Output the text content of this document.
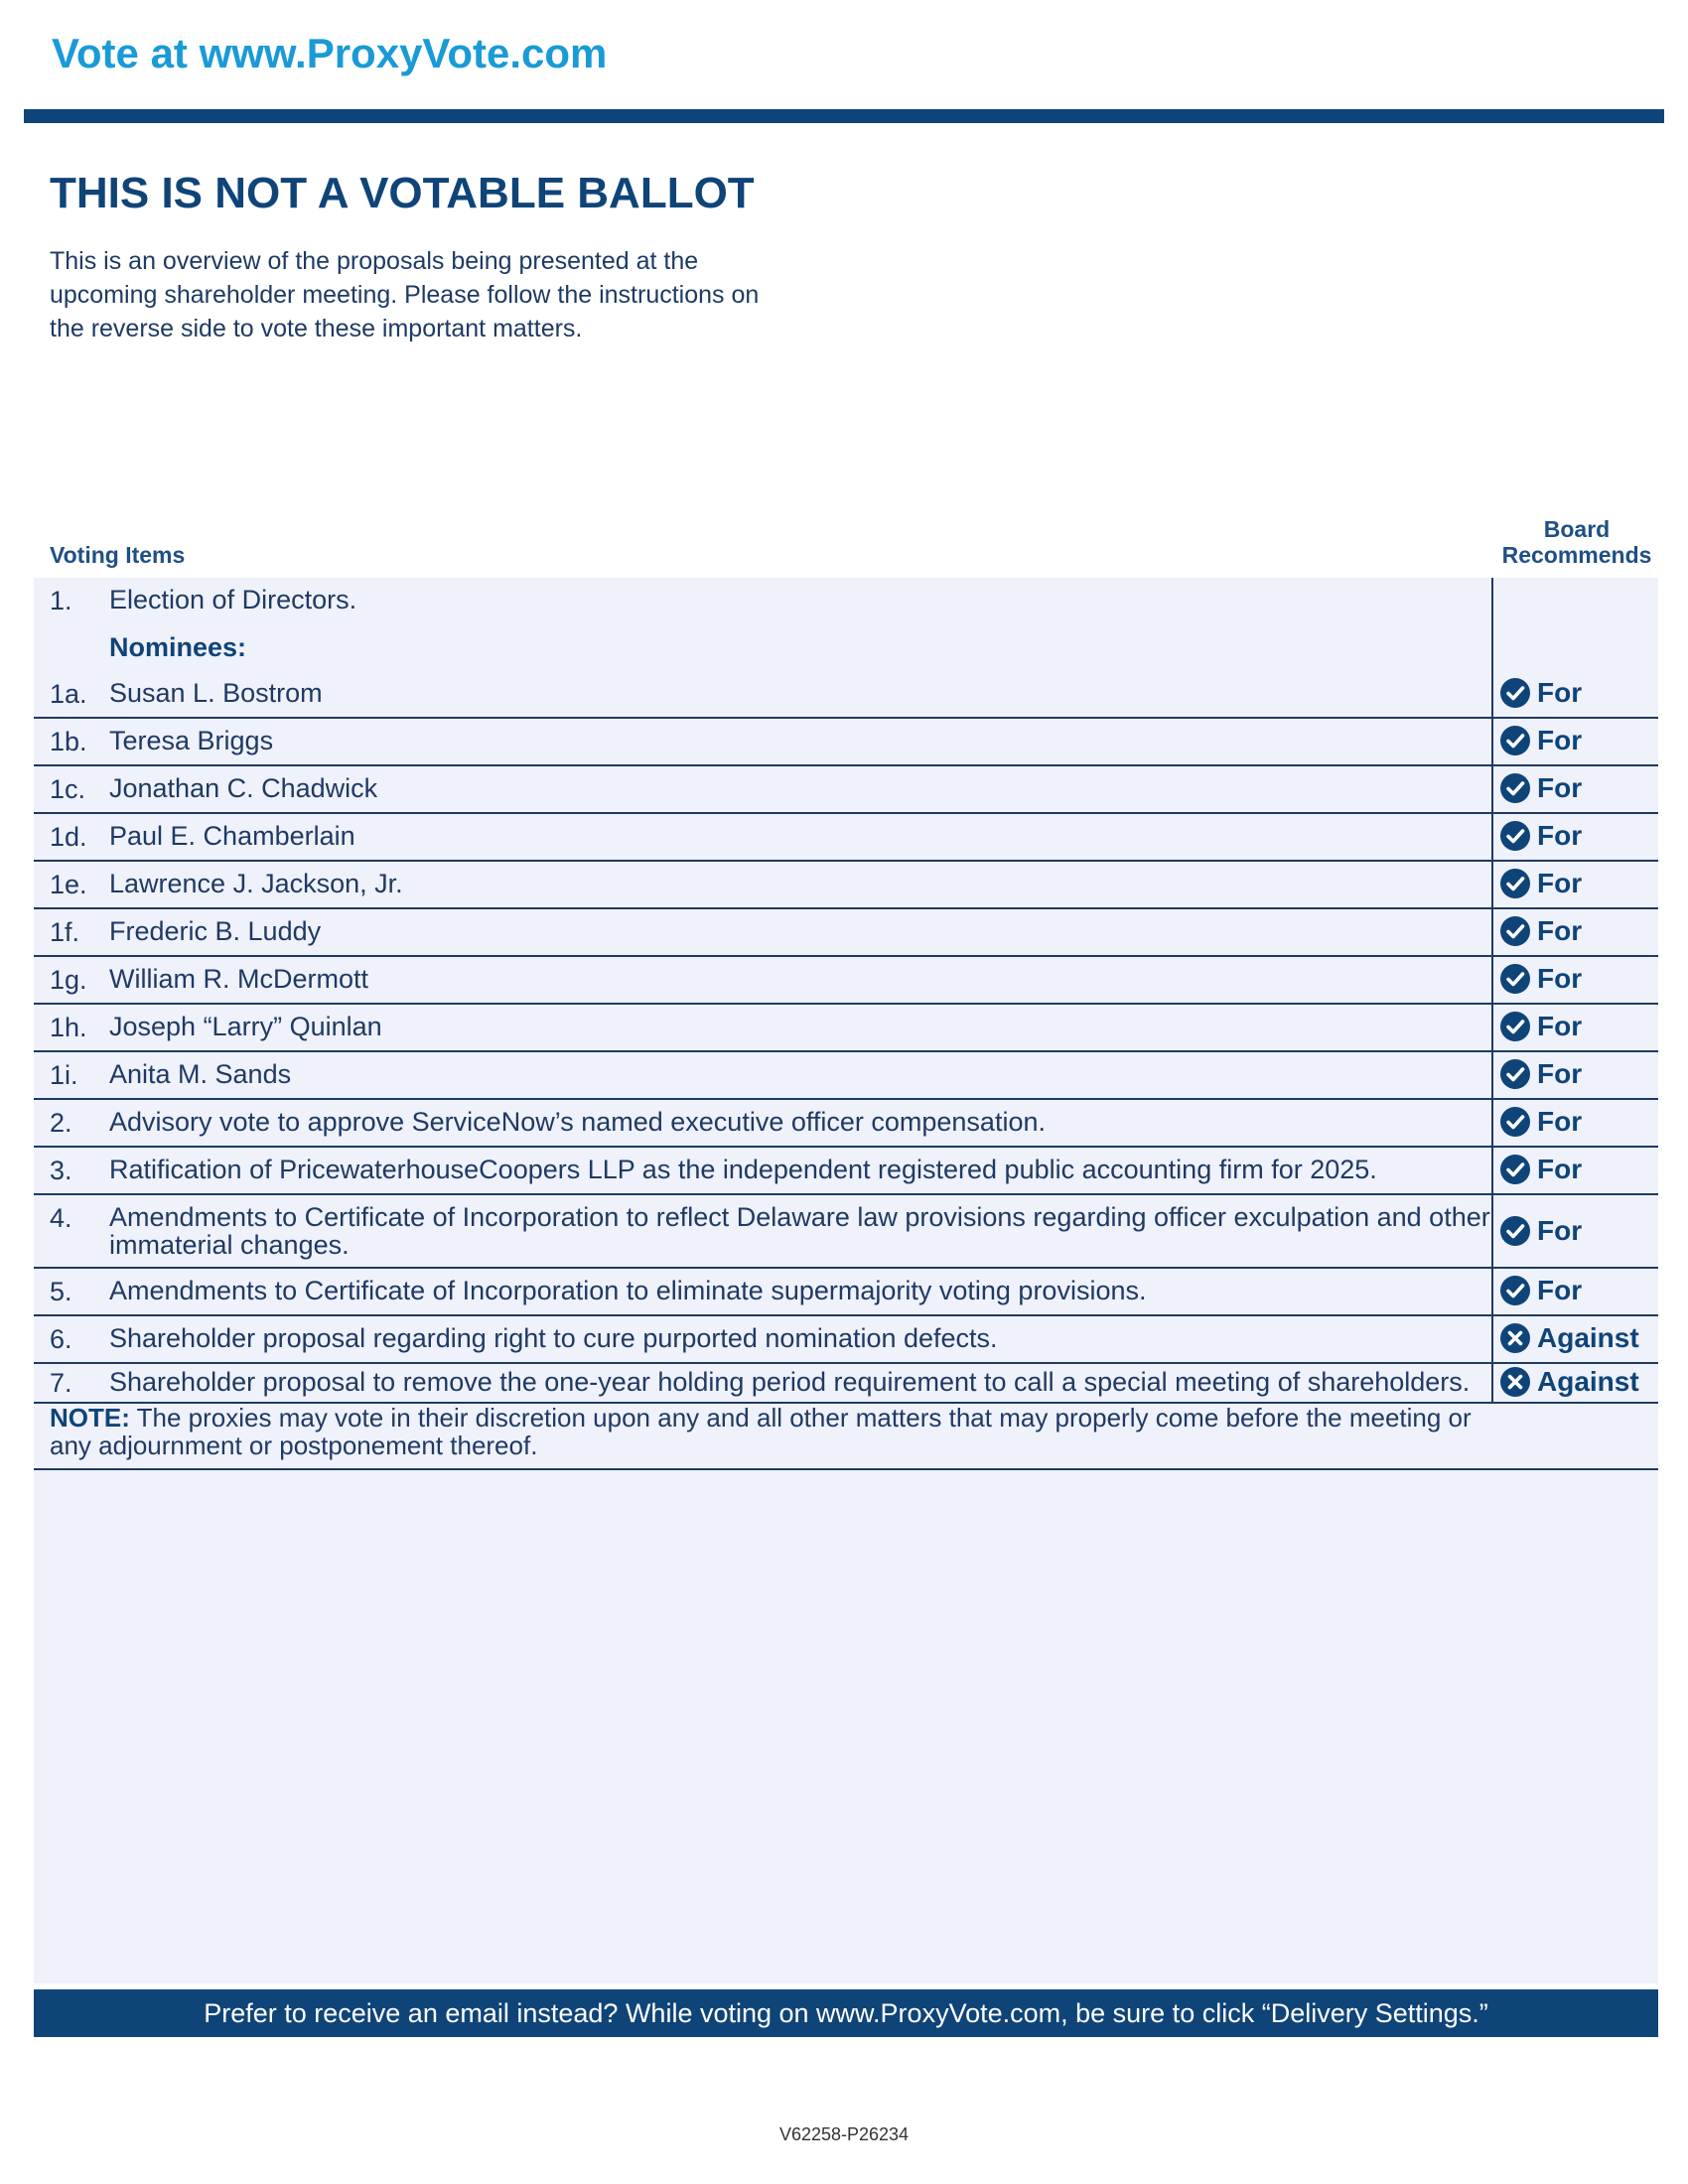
Vote at www.ProxyVote.com
THIS IS NOT A VOTABLE BALLOT
This is an overview of the proposals being presented at the
upcoming shareholder meeting. Please follow the instructions on
the reverse side to vote these important matters.
Voting Items
Board
Recommends
1. Election of Directors.
Nominees:
1a. Susan L. Bostrom	For
1b. Teresa Briggs	For
1c. Jonathan C. Chadwick	For
1d. Paul E. Chamberlain	For
1e. Lawrence J. Jackson, Jr.	For
1f. Frederic B. Luddy	For
1g. William R. McDermott	For
1h. Joseph “Larry” Quinlan	For
1i. Anita M. Sands	For
2. Advisory vote to approve ServiceNow’s named executive officer compensation.	For
3. Ratification of PricewaterhouseCoopers LLP as the independent registered public accounting firm for 2025.	For
4. Amendments to Certificate of Incorporation to reflect Delaware law provisions regarding officer exculpation and other immaterial changes.	For
5. Amendments to Certificate of Incorporation to eliminate supermajority voting provisions.	For
6. Shareholder proposal regarding right to cure purported nomination defects.	Against
7. Shareholder proposal to remove the one-year holding period requirement to call a special meeting of shareholders. Against
NOTE: The proxies may vote in their discretion upon any and all other matters that may properly come before the meeting or any adjournment or postponement thereof.
Prefer to receive an email instead? While voting on www.ProxyVote.com, be sure to click “Delivery Settings.”
V62258-P26234
